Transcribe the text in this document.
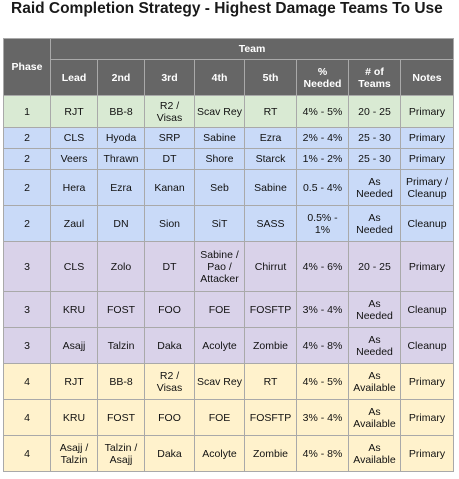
Raid Completion Strategy - Highest Damage Teams To Use
Phase	Team							
	Lead	2nd	3rd	4th	5th	% Needed	# of Teams	Notes
1	RJT	BB-8	R2 / Visas	Scav Rey	RT	4% - 5%	20 - 25	Primary
2	CLS	Hyoda	SRP	Sabine	Ezra	2% - 4%	25 - 30	Primary
2	Veers	Thrawn	DT	Shore	Starck	1% - 2%	25 - 30	Primary
2	Hera	Ezra	Kanan	Seb	Sabine	0.5 - 4%	As Needed	Primary / Cleanup
2	Zaul	DN	Sion	SiT	SASS	0.5% - 1%	As Needed	Cleanup
3	CLS	Zolo	DT	Sabine / Pao / Attacker	Chirrut	4% - 6%	20 - 25	Primary
3	KRU	FOST	FOO	FOE	FOSFTP	3% - 4%	As Needed	Cleanup
3	Asajj	Talzin	Daka	Acolyte	Zombie	4% - 8%	As Needed	Cleanup
4	RJT	BB-8	R2 / Visas	Scav Rey	RT	4% - 5%	As Available	Primary
4	KRU	FOST	FOO	FOE	FOSFTP	3% - 4%	As Available	Primary
4	Asajj / Talzin	Talzin / Asajj	Daka	Acolyte	Zombie	4% - 8%	As Available	Primary
